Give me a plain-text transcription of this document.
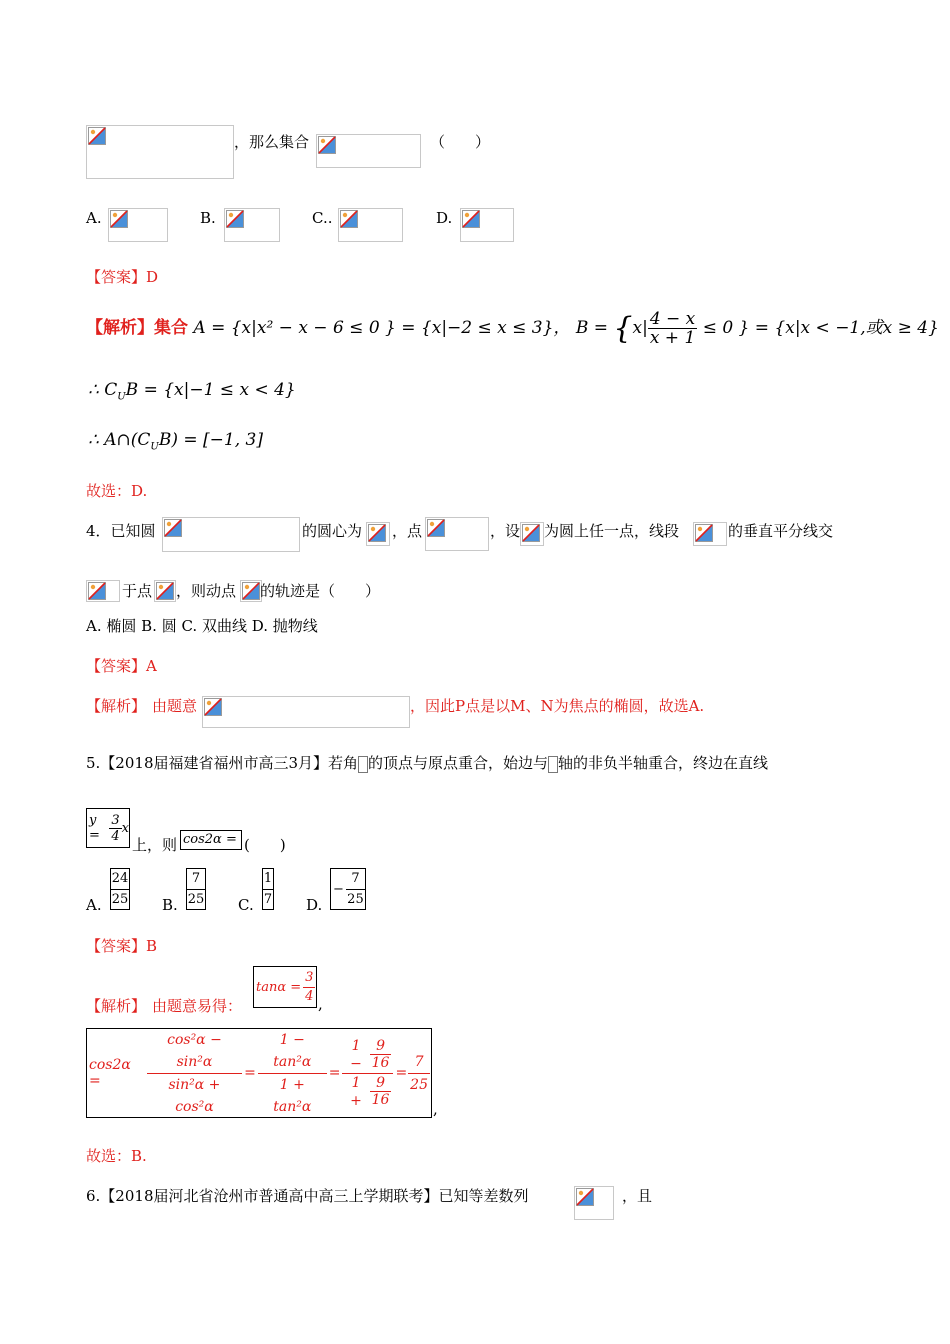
，那么集合	（　　）
A.	B.	C..	D.
【答案】D
【解析】集合 A = {x|x² − x − 6 ≤ 0 } = {x|−2 ≤ x ≤ 3}， $B = \{x| \frac{4 - x}{x + 1} \le 0$ } = {x|x < −1,或x ≥ 4}
∴ $C_UB = \{x|-1 \le x < 4\}$
∴ $A\cap(C_UB) = [-1$, 3]
故选：D.
4．已知圆	的圆心为 ，点	，设 为圆上任一点，线段	的垂直平分线交
于点 ，则动点 的轨迹是（　　）
A. 椭圆 B. 圆 C. 双曲线 D. 抛物线
【答案】A
【解析】 由题意	，因此P点是以M、N为焦点的椭圆，故选A.
5.【2018届福建省福州市高三3月】若角 的顶点与原点重合，始边与 轴的非负半轴重合，终边在直线
$y = \frac{3}{4}$ x
上，则 cos2α = (　　)
A. $\frac{24}{25} B$. $\frac{7}{25} C$. $\frac{1}{7} D$.
− $\frac{7}{25}$
【答案】B
【解析】 由题意易得：
$\tan\alpha = \frac{3}{4}$ ,
cos2α =	$\frac{\text{cos²α − sin²α}}{\text{sin²α + cos²α}} = \frac{\text{1 − tan²α}}{\text{1 + tan²α}} = \frac{1 - \frac{9}{16}}{1 + \frac{9}{16}} = \frac{7}{25}$
,
故选：B.
6.【2018届河北省沧州市普通高中高三上学期联考】已知等差数列	，且
